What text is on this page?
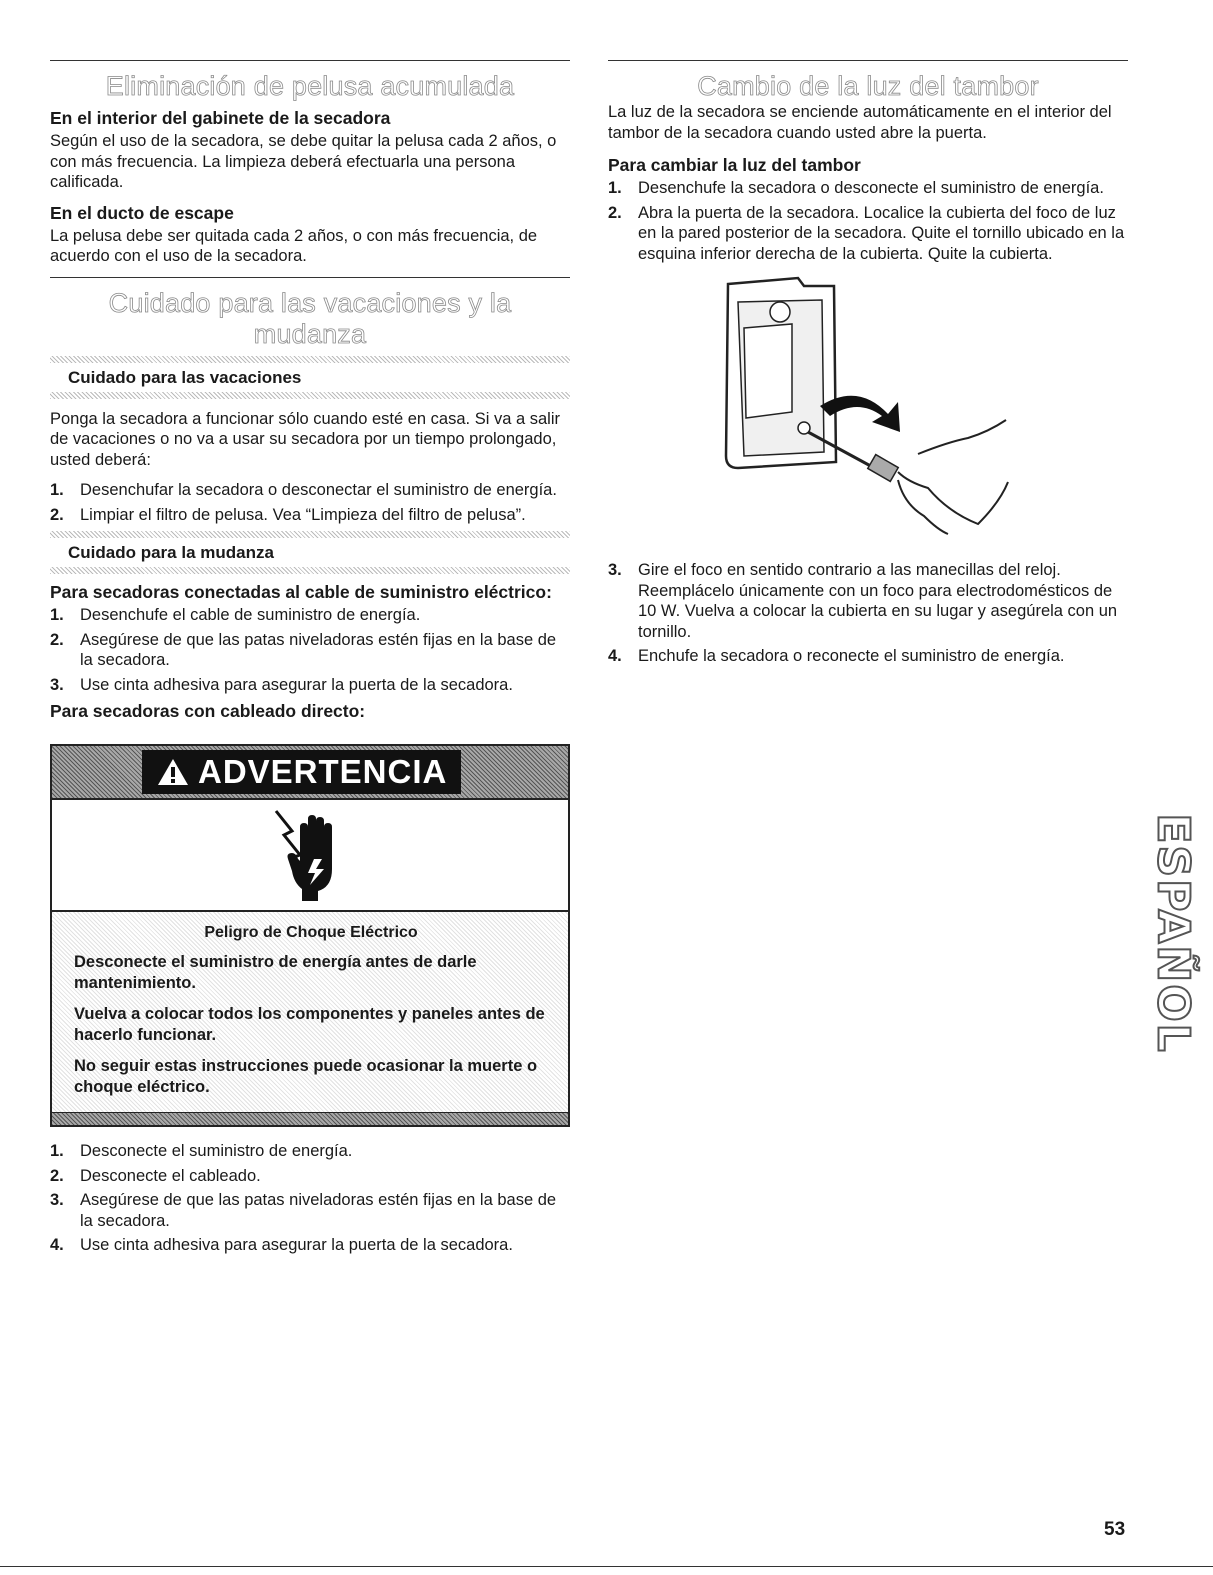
Eliminación de pelusa acumulada
En el interior del gabinete de la secadora

Según el uso de la secadora, se debe quitar la pelusa cada 2 años, o con más frecuencia. La limpieza deberá efectuarla una persona calificada.

En el ducto de escape

La pelusa debe ser quitada cada 2 años, o con más frecuencia, de acuerdo con el uso de la secadora.

Cuidado para las vacaciones y la mudanza
Cuidado para las vacaciones

Ponga la secadora a funcionar sólo cuando esté en casa. Si va a salir de vacaciones o no va a usar su secadora por un tiempo prolongado, usted deberá:

1. Desenchufar la secadora o desconectar el suministro de energía.
2. Limpiar el filtro de pelusa. Vea “Limpieza del filtro de pelusa”.
Cuidado para la mudanza
Para secadoras conectadas al cable de suministro eléctrico:
1. Desenchufe el cable de suministro de energía.
2. Asegúrese de que las patas niveladoras estén fijas en la base de la secadora.
3. Use cinta adhesiva para asegurar la puerta de la secadora.
Para secadoras con cableado directo:
ADVERTENCIA
Peligro de Choque Eléctrico
Desconecte el suministro de energía antes de darle mantenimiento.
Vuelva a colocar todos los componentes y paneles antes de hacerlo funcionar.
No seguir estas instrucciones puede ocasionar la muerte o choque eléctrico.
1. Desconecte el suministro de energía.
2. Desconecte el cableado.
3. Asegúrese de que las patas niveladoras estén fijas en la base de la secadora.
4. Use cinta adhesiva para asegurar la puerta de la secadora.
Cambio de la luz del tambor

La luz de la secadora se enciende automáticamente en el interior del tambor de la secadora cuando usted abre la puerta.

Para cambiar la luz del tambor
1. Desenchufe la secadora o desconecte el suministro de energía.
2. Abra la puerta de la secadora. Localice la cubierta del foco de luz en la pared posterior de la secadora. Quite el tornillo ubicado en la esquina inferior derecha de la cubierta. Quite la cubierta.
3. Gire el foco en sentido contrario a las manecillas del reloj. Reemplácelo únicamente con un foco para electrodomésticos de 10 W. Vuelva a colocar la cubierta en su lugar y asegúrela con un tornillo.
4. Enchufe la secadora o reconecte el suministro de energía.
ESPAÑOL
53
